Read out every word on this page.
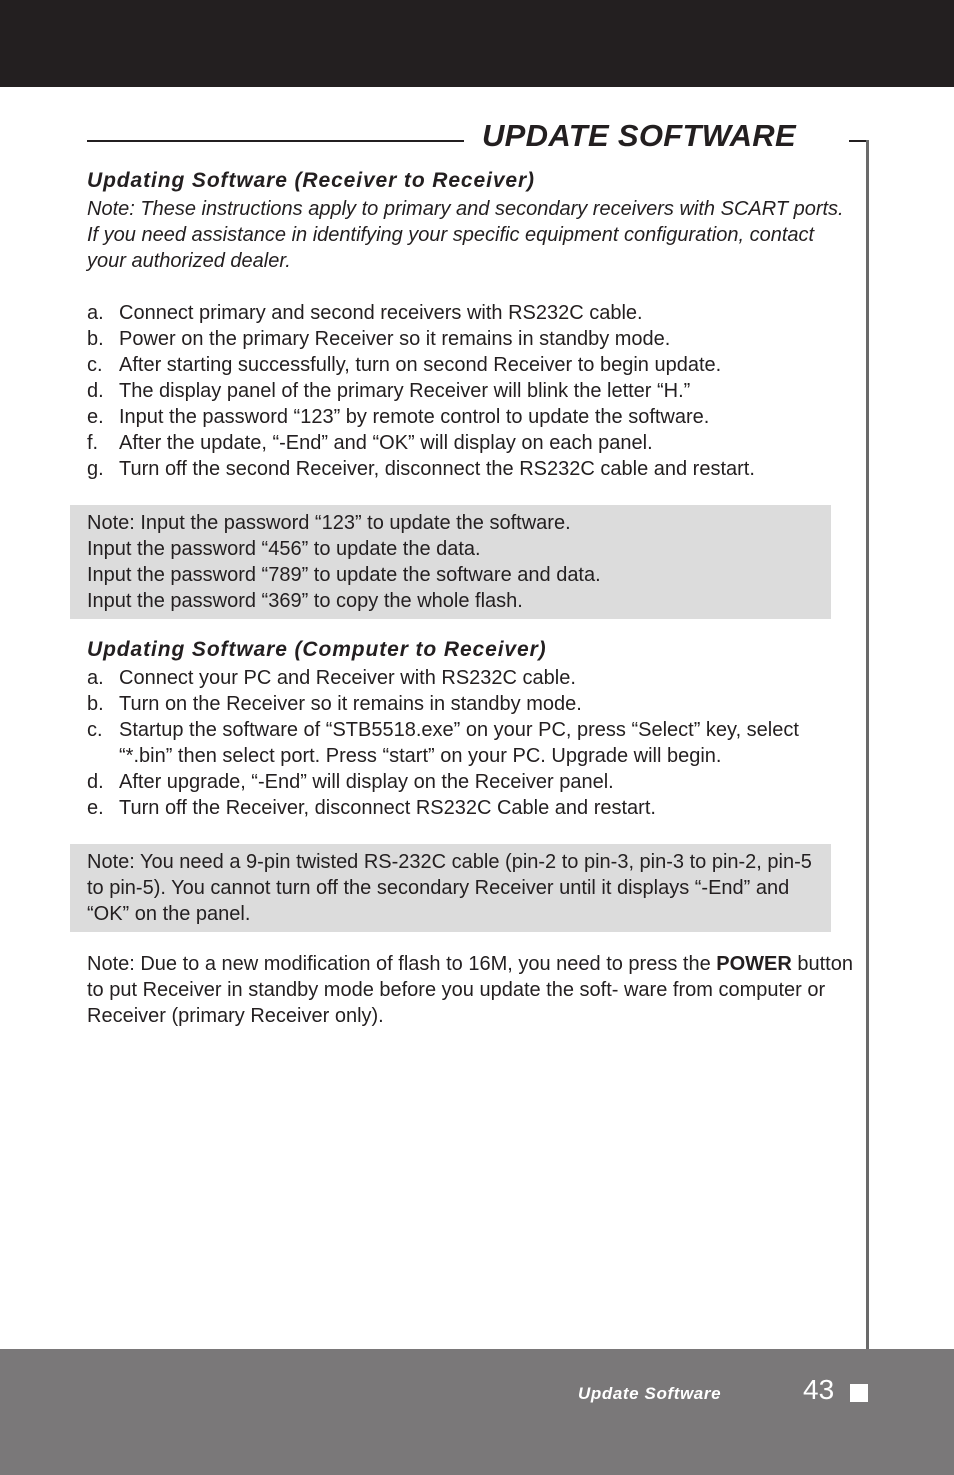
UPDATE SOFTWARE
Updating Software (Receiver to Receiver)

Note: These instructions apply to primary and secondary receivers with SCART ports. If you need assistance in identifying your specific equipment configuration, contact your authorized dealer.

a. Connect primary and second receivers with RS232C cable.
b. Power on the primary Receiver so it remains in standby mode.
c. After starting successfully, turn on second Receiver to begin update.
d. The display panel of the primary Receiver will blink the letter “H.”
e. Input the password “123” by remote control to update the software.
f.	After the update, “-End” and “OK” will display on each panel.
g. Turn off the second Receiver, disconnect the RS232C cable and restart.

Note: Input the password “123” to update the software.

Input the password “456” to update the data.

Input the password “789” to update the software and data.

Input the password “369” to copy the whole flash.

Updating Software (Computer to Receiver)
a. Connect your PC and Receiver with RS232C cable.
b. Turn on the Receiver so it remains in standby mode.
c. Startup the software of “STB5518.exe” on your PC, press “Select” key, select “*.bin” then select port. Press “start” on your PC. Upgrade will begin.
d. After upgrade, “-End” will display on the Receiver panel.
e. Turn off the Receiver, disconnect RS232C Cable and restart.

Note: You need a 9-pin twisted RS-232C cable (pin-2 to pin-3, pin-3 to pin-2, pin-5 to pin-5). You cannot turn off the secondary Receiver until it displays “-End” and “OK” on the panel.

Note: Due to a new modification of flash to 16M, you need to press the POWER button to put Receiver in standby mode before you update the soft- ware from computer or Receiver (primary Receiver only).

Update Software	43
